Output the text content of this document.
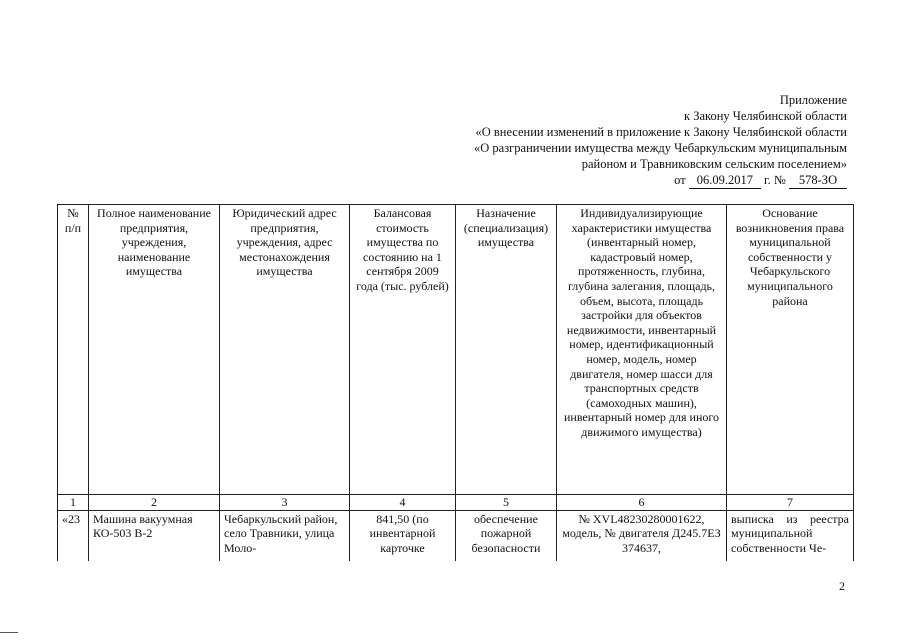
Приложение
к Закону Челябинской области
«О внесении изменений в приложение к Закону Челябинской области
«О разграничении имущества между Чебаркульским муниципальным
районом и Травниковским сельским поселением»
от 06.09.2017 г. № 578-ЗО
№ п/п	Полное наименование предприятия, учреждения, наименование имущества	Юридический адрес предприятия, учреждения, адрес местонахождения имущества	Балансовая стоимость имущества по состоянию на 1 сентября 2009 года (тыс. рублей)	Назначение (специализация) имущества	Индивидуализирующие характеристики имущества (инвентарный номер, кадастровый номер, протяженность, глубина, глубина залегания, площадь, объем, высота, площадь застройки для объектов недвижимости, инвентарный номер, идентификационный номер, модель, номер двигателя, номер шасси для транспортных средств (самоходных машин), инвентарный номер для иного движимого имущества)	Основание возникновения права муниципальной собственности у Чебаркульского муниципального района
1	2	3	4	5	6	7
«23	Машина вакуумная КО-503 В-2	Чебаркульский район, село Травники, улица Моло-	841,50 (по инвентарной карточке	обеспечение пожарной безопасности	№ XVL48230280001622, модель, № двигателя Д245.7ЕЗ 374637,	выписка из реестра муниципальной собственности Че-
2
